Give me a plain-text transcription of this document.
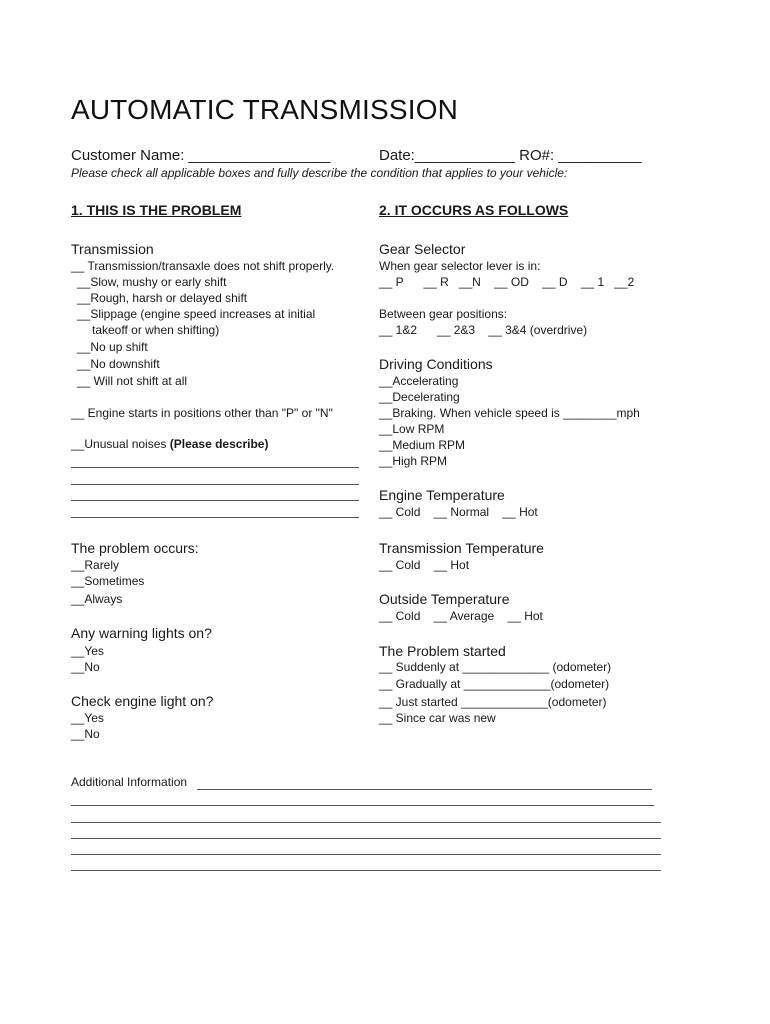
AUTOMATIC TRANSMISSION
Customer Name: _________________	Date:____________ RO#: __________
Please check all applicable boxes and fully describe the condition that applies to your vehicle:
1. THIS IS THE PROBLEM
Transmission
__ Transmission/transaxle does not shift properly.
__Slow, mushy or early shift
__Rough, harsh or delayed shift
__Slippage (engine speed increases at initial
takeoff or when shifting)
__No up shift
__No downshift
__ Will not shift at all
__ Engine starts in positions other than "P" or "N"
__Unusual noises (Please describe)
The problem occurs:
__Rarely
__Sometimes
__Always
Any warning lights on?
__Yes
__No
Check engine light on?
__Yes
__No
2. IT OCCURS AS FOLLOWS
Gear Selector
When gear selector lever is in:
__ P      __ R   __N    __ OD    __ D    __ 1   __2
Between gear positions:
__ 1&2      __ 2&3    __ 3&4 (overdrive)
Driving Conditions
__Accelerating
__Decelerating
__Braking. When vehicle speed is ________mph
__Low RPM
__Medium RPM
__High RPM
Engine Temperature
__ Cold    __ Normal    __ Hot
Transmission Temperature
__ Cold    __ Hot
Outside Temperature
__ Cold    __ Average    __ Hot
The Problem started
__ Suddenly at _____________ (odometer)
__ Gradually at _____________(odometer)
__ Just started _____________(odometer)
__ Since car was new
Additional Information
